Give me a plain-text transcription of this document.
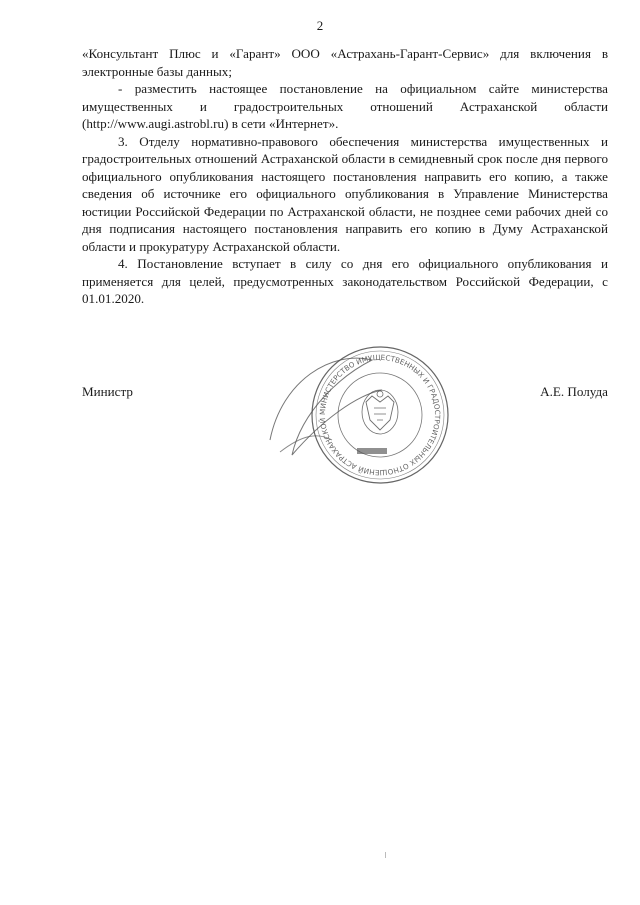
2

«Консультант Плюс и «Гарант» ООО «Астрахань-Гарант-Сервис» для включения в электронные базы данных;

- разместить настоящее постановление на официальном сайте министерства имущественных и градостроительных отношений Астраханской области (http://www.augi.astrobl.ru) в сети «Интернет».

3. Отделу нормативно-правового обеспечения министерства имущественных и градостроительных отношений Астраханской области в семидневный срок после дня первого официального опубликования настоящего постановления направить его копию, а также сведения об источнике его официального опубликования в Управление Министерства юстиции Российской Федерации по Астраханской области, не позднее семи рабочих дней со дня подписания настоящего постановления направить его копию в Думу Астраханской области и прокуратуру Астраханской области.

4. Постановление вступает в силу со дня его официального опубликования и применяется для целей, предусмотренных законодательством Российской Федерации, с 01.01.2020.

Министр	А.Е. Полуда
МИНИСТЕРСТВО ИМУЩЕСТВЕННЫХ И ГРАДОСТРОИТЕЛЬНЫХ ОТНОШЕНИЙ АСТРАХАНСКОЙ
